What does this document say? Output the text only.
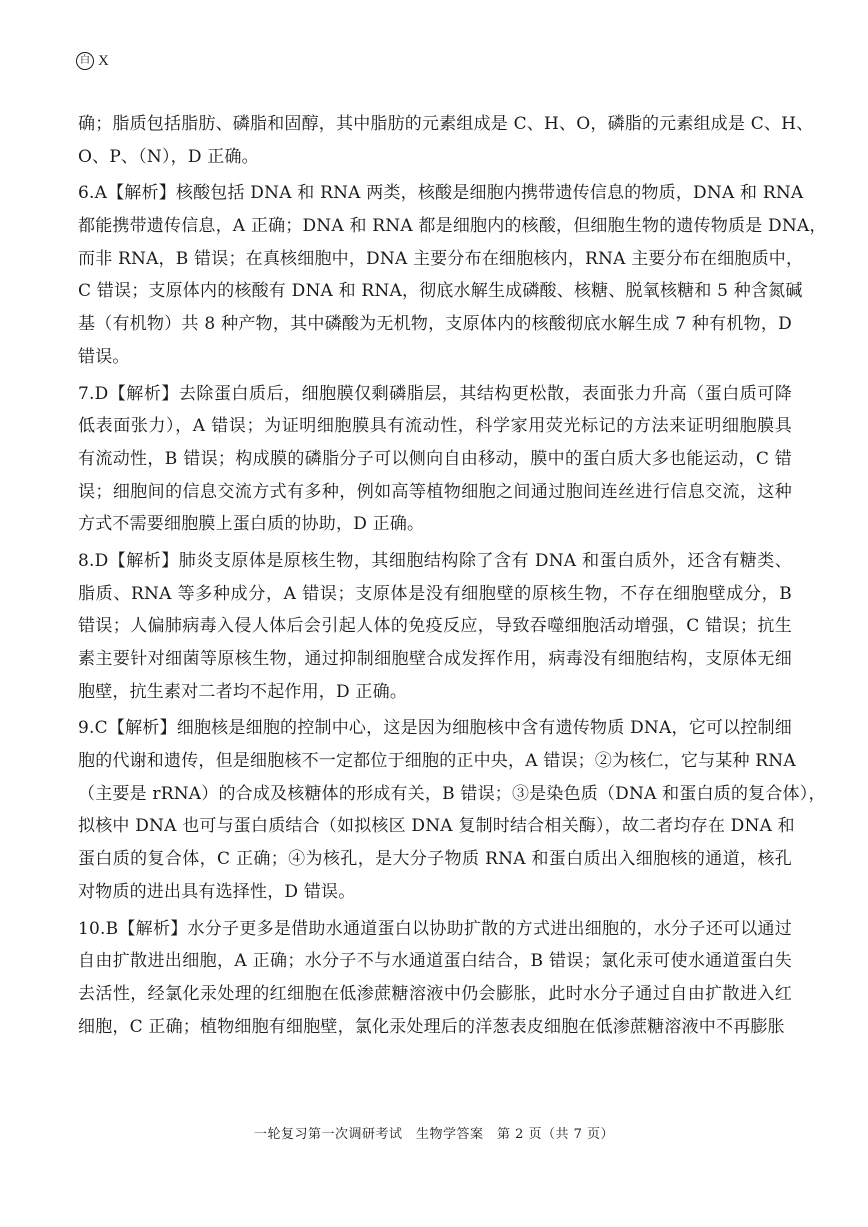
白 X
确；脂质包括脂肪、磷脂和固醇，其中脂肪的元素组成是 C、H、O，磷脂的元素组成是 C、H、
O、P、（N），D 正确。
6.A【解析】核酸包括 DNA 和 RNA 两类，核酸是细胞内携带遗传信息的物质，DNA 和 RNA
都能携带遗传信息，A 正确；DNA 和 RNA 都是细胞内的核酸，但细胞生物的遗传物质是 DNA，
而非 RNA，B 错误；在真核细胞中，DNA 主要分布在细胞核内，RNA 主要分布在细胞质中，
C 错误；支原体内的核酸有 DNA 和 RNA，彻底水解生成磷酸、核糖、脱氧核糖和 5 种含氮碱
基（有机物）共 8 种产物，其中磷酸为无机物，支原体内的核酸彻底水解生成 7 种有机物，D
错误。
7.D【解析】去除蛋白质后，细胞膜仅剩磷脂层，其结构更松散，表面张力升高（蛋白质可降
低表面张力），A 错误；为证明细胞膜具有流动性，科学家用荧光标记的方法来证明细胞膜具
有流动性，B 错误；构成膜的磷脂分子可以侧向自由移动，膜中的蛋白质大多也能运动，C 错
误；细胞间的信息交流方式有多种，例如高等植物细胞之间通过胞间连丝进行信息交流，这种
方式不需要细胞膜上蛋白质的协助，D 正确。
8.D【解析】肺炎支原体是原核生物，其细胞结构除了含有 DNA 和蛋白质外，还含有糖类、
脂质、RNA 等多种成分，A 错误；支原体是没有细胞壁的原核生物，不存在细胞壁成分，B
错误；人偏肺病毒入侵人体后会引起人体的免疫反应，导致吞噬细胞活动增强，C 错误；抗生
素主要针对细菌等原核生物，通过抑制细胞壁合成发挥作用，病毒没有细胞结构，支原体无细
胞壁，抗生素对二者均不起作用，D 正确。
9.C【解析】细胞核是细胞的控制中心，这是因为细胞核中含有遗传物质 DNA，它可以控制细
胞的代谢和遗传，但是细胞核不一定都位于细胞的正中央，A 错误；②为核仁，它与某种 RNA
（主要是 rRNA）的合成及核糖体的形成有关，B 错误；③是染色质（DNA 和蛋白质的复合体），
拟核中 DNA 也可与蛋白质结合（如拟核区 DNA 复制时结合相关酶），故二者均存在 DNA 和
蛋白质的复合体，C 正确；④为核孔，是大分子物质 RNA 和蛋白质出入细胞核的通道，核孔
对物质的进出具有选择性，D 错误。
10.B【解析】水分子更多是借助水通道蛋白以协助扩散的方式进出细胞的，水分子还可以通过
自由扩散进出细胞，A 正确；水分子不与水通道蛋白结合，B 错误；氯化汞可使水通道蛋白失
去活性，经氯化汞处理的红细胞在低渗蔗糖溶液中仍会膨胀，此时水分子通过自由扩散进入红
细胞，C 正确；植物细胞有细胞壁，氯化汞处理后的洋葱表皮细胞在低渗蔗糖溶液中不再膨胀
一轮复习第一次调研考试　生物学答案　第 2 页（共 7 页）
